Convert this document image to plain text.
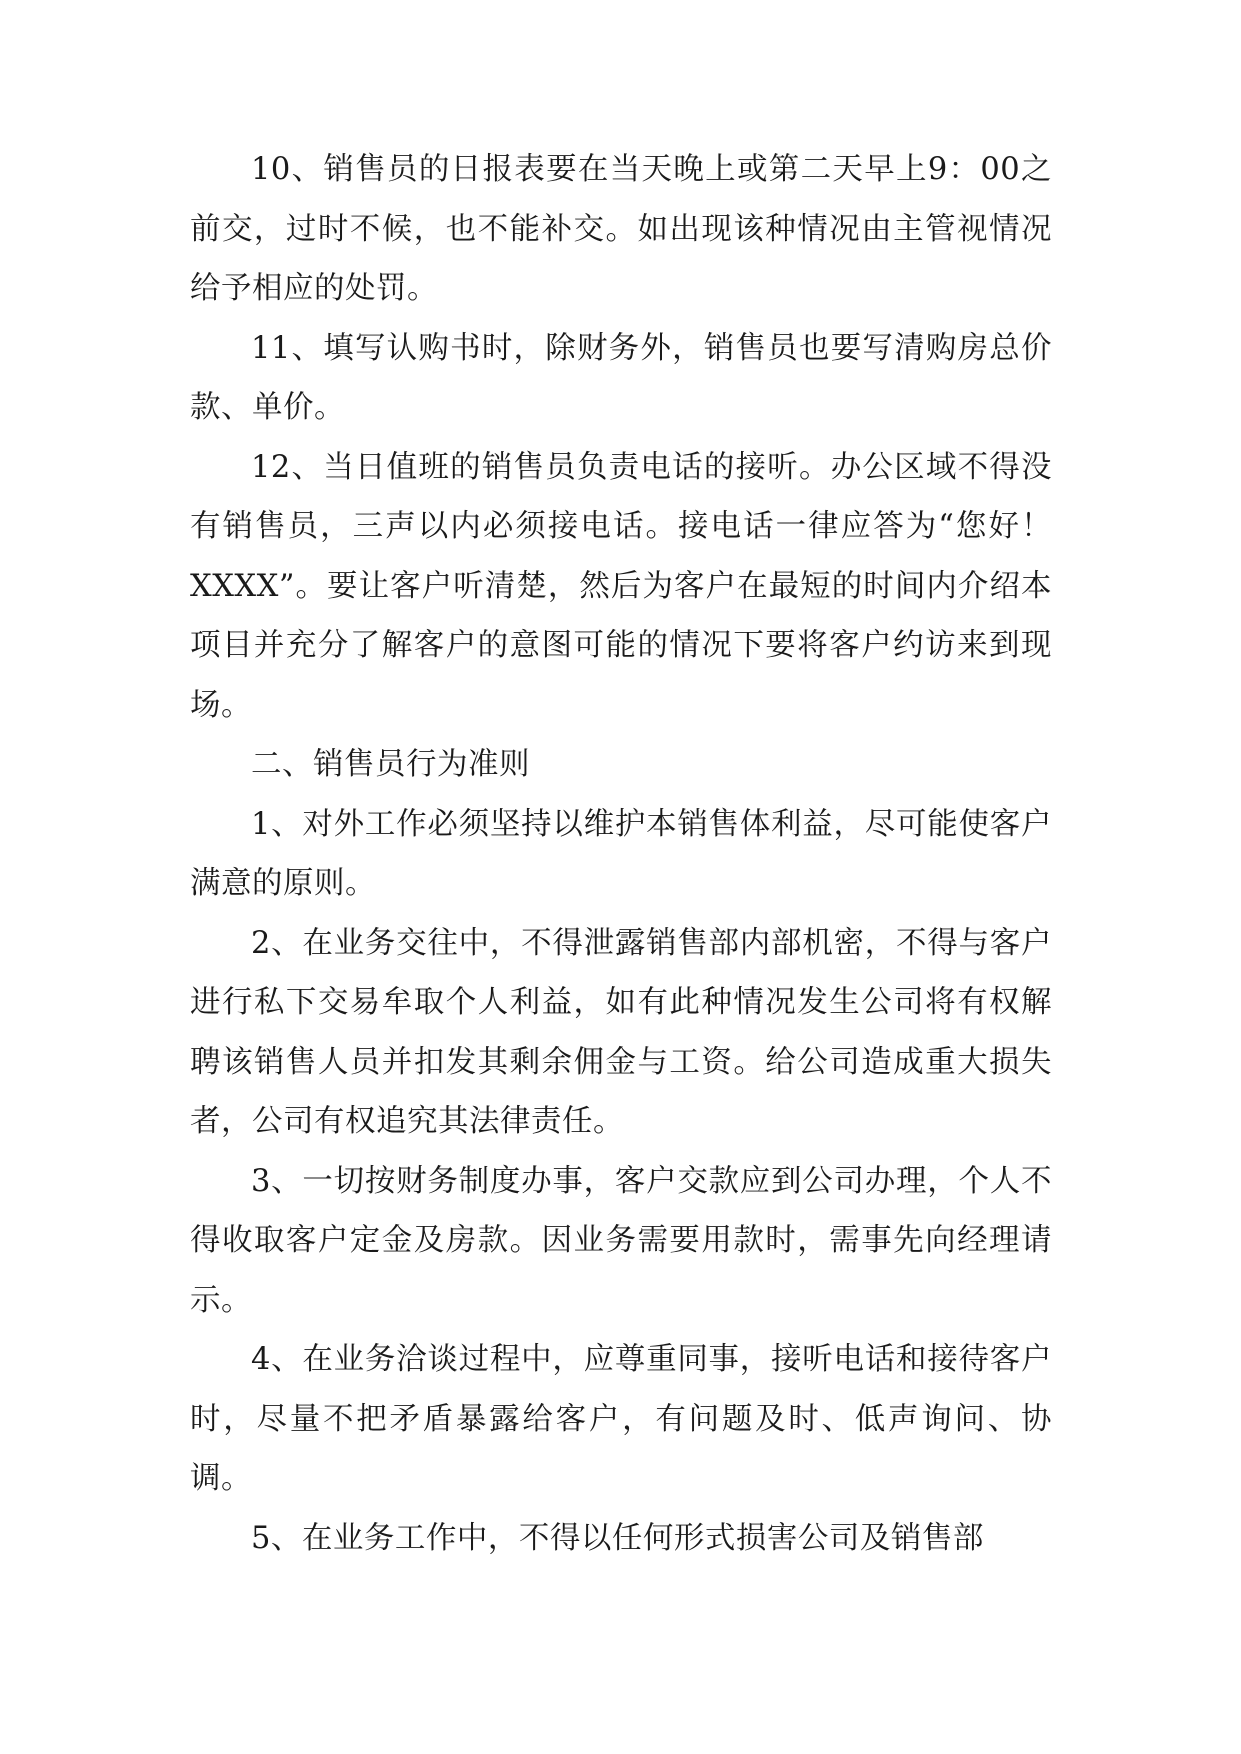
10、销售员的日报表要在当天晚上或第二天早上9：00之前交，过时不候，也不能补交。如出现该种情况由主管视情况给予相应的处罚。

11、填写认购书时，除财务外，销售员也要写清购房总价款、单价。

12、当日值班的销售员负责电话的接听。办公区域不得没有销售员，三声以内必须接电话。接电话一律应答为“您好！XXXX”。要让客户听清楚，然后为客户在最短的时间内介绍本项目并充分了解客户的意图可能的情况下要将客户约访来到现场。

二、销售员行为准则

1、对外工作必须坚持以维护本销售体利益，尽可能使客户满意的原则。

2、在业务交往中，不得泄露销售部内部机密，不得与客户进行私下交易牟取个人利益，如有此种情况发生公司将有权解聘该销售人员并扣发其剩余佣金与工资。给公司造成重大损失者，公司有权追究其法律责任。

3、一切按财务制度办事，客户交款应到公司办理，个人不得收取客户定金及房款。因业务需要用款时，需事先向经理请示。

4、在业务洽谈过程中，应尊重同事，接听电话和接待客户时，尽量不把矛盾暴露给客户，有问题及时、低声询问、协调。

5、在业务工作中，不得以任何形式损害公司及销售部
